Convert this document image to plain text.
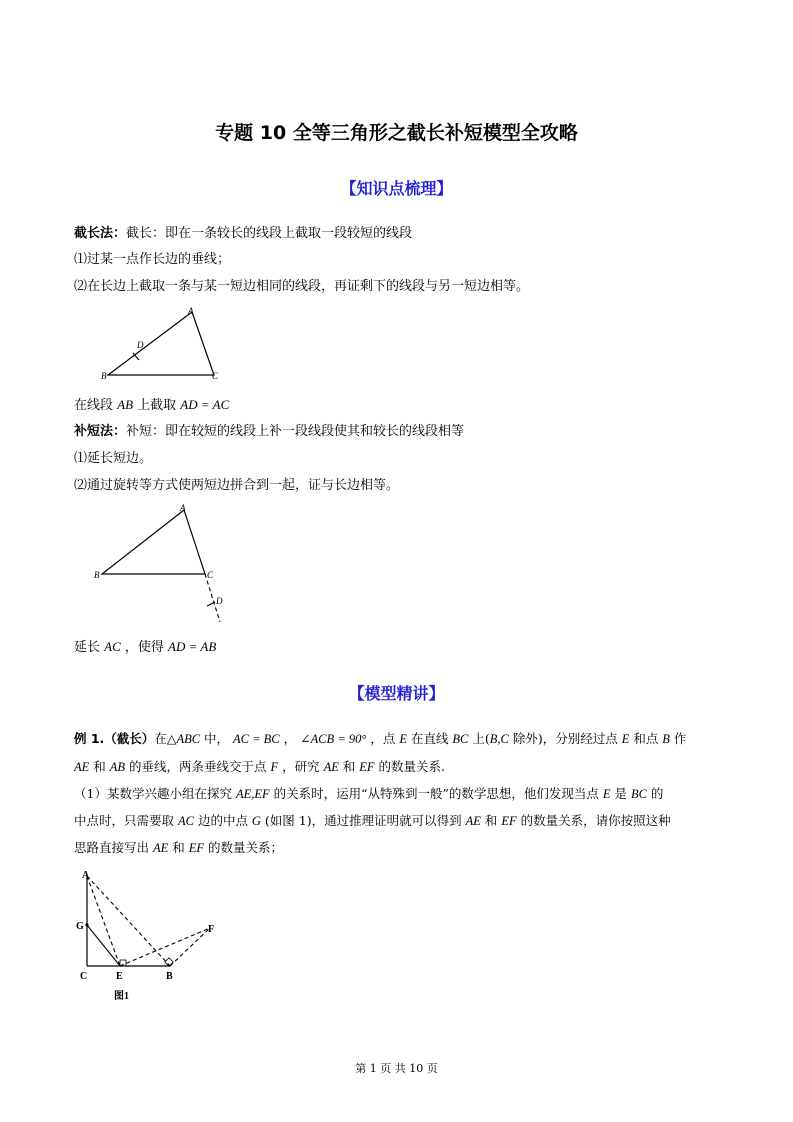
专题 10 全等三角形之截长补短模型全攻略
【知识点梳理】
截长法：截长：即在一条较长的线段上截取一段较短的线段
⑴过某一点作长边的垂线；
⑵在长边上截取一条与某一短边相同的线段，再证剩下的线段与另一短边相等。
A
D
B	C
在线段 AB 上截取 AD = AC
补短法：补短：即在较短的线段上补一段线段使其和较长的线段相等
⑴延长短边。
⑵通过旋转等方式使两短边拼合到一起，证与长边相等。
A
B	C
D
延长 AC ，使得 AD = AB
【模型精讲】
例 1.（截长）在△ABC 中， AC = BC ， ∠ACB = 90° ，点 E 在直线 BC 上(B,C 除外)，分别经过点 E 和点 B 作
AE 和 AB 的垂线，两条垂线交于点 F ，研究 AE 和 EF 的数量关系.
（1）某数学兴趣小组在探究 AE,EF 的关系时，运用“从特殊到一般”的数学思想，他们发现当点 E 是 BC 的
中点时，只需要取 AC 边的中点 G (如图 1)，通过推理证明就可以得到 AE 和 EF 的数量关系，请你按照这种
思路直接写出 AE 和 EF 的数量关系；
A
G
C	E	B
F
图1
第 1 页 共 10 页
